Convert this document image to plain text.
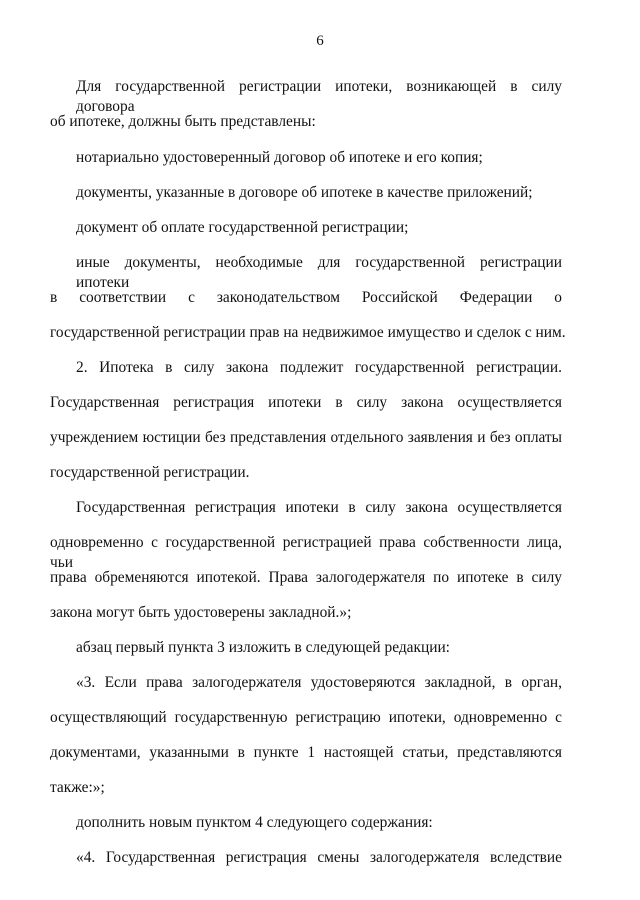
6
Для государственной регистрации ипотеки, возникающей в силу договора
об ипотеке, должны быть представлены:
нотариально удостоверенный договор об ипотеке и его копия;
документы, указанные в договоре об ипотеке в качестве приложений;
документ об оплате государственной регистрации;
иные документы, необходимые для государственной регистрации ипотеки
в соответствии с законодательством Российской Федерации о
государственной регистрации прав на недвижимое имущество и сделок с ним.
2. Ипотека в силу закона подлежит государственной регистрации.
Государственная регистрация ипотеки в силу закона осуществляется
учреждением юстиции без представления отдельного заявления и без оплаты
государственной регистрации.
Государственная регистрация ипотеки в силу закона осуществляется
одновременно с государственной регистрацией права собственности лица, чьи
права обременяются ипотекой. Права залогодержателя по ипотеке в силу
закона могут быть удостоверены закладной.»;
абзац первый пункта 3 изложить в следующей редакции:
«3. Если права залогодержателя удостоверяются закладной, в орган,
осуществляющий государственную регистрацию ипотеки, одновременно с
документами, указанными в пункте 1 настоящей статьи, представляются
также:»;
дополнить новым пунктом 4 следующего содержания:
«4. Государственная регистрация смены залогодержателя вследствие
